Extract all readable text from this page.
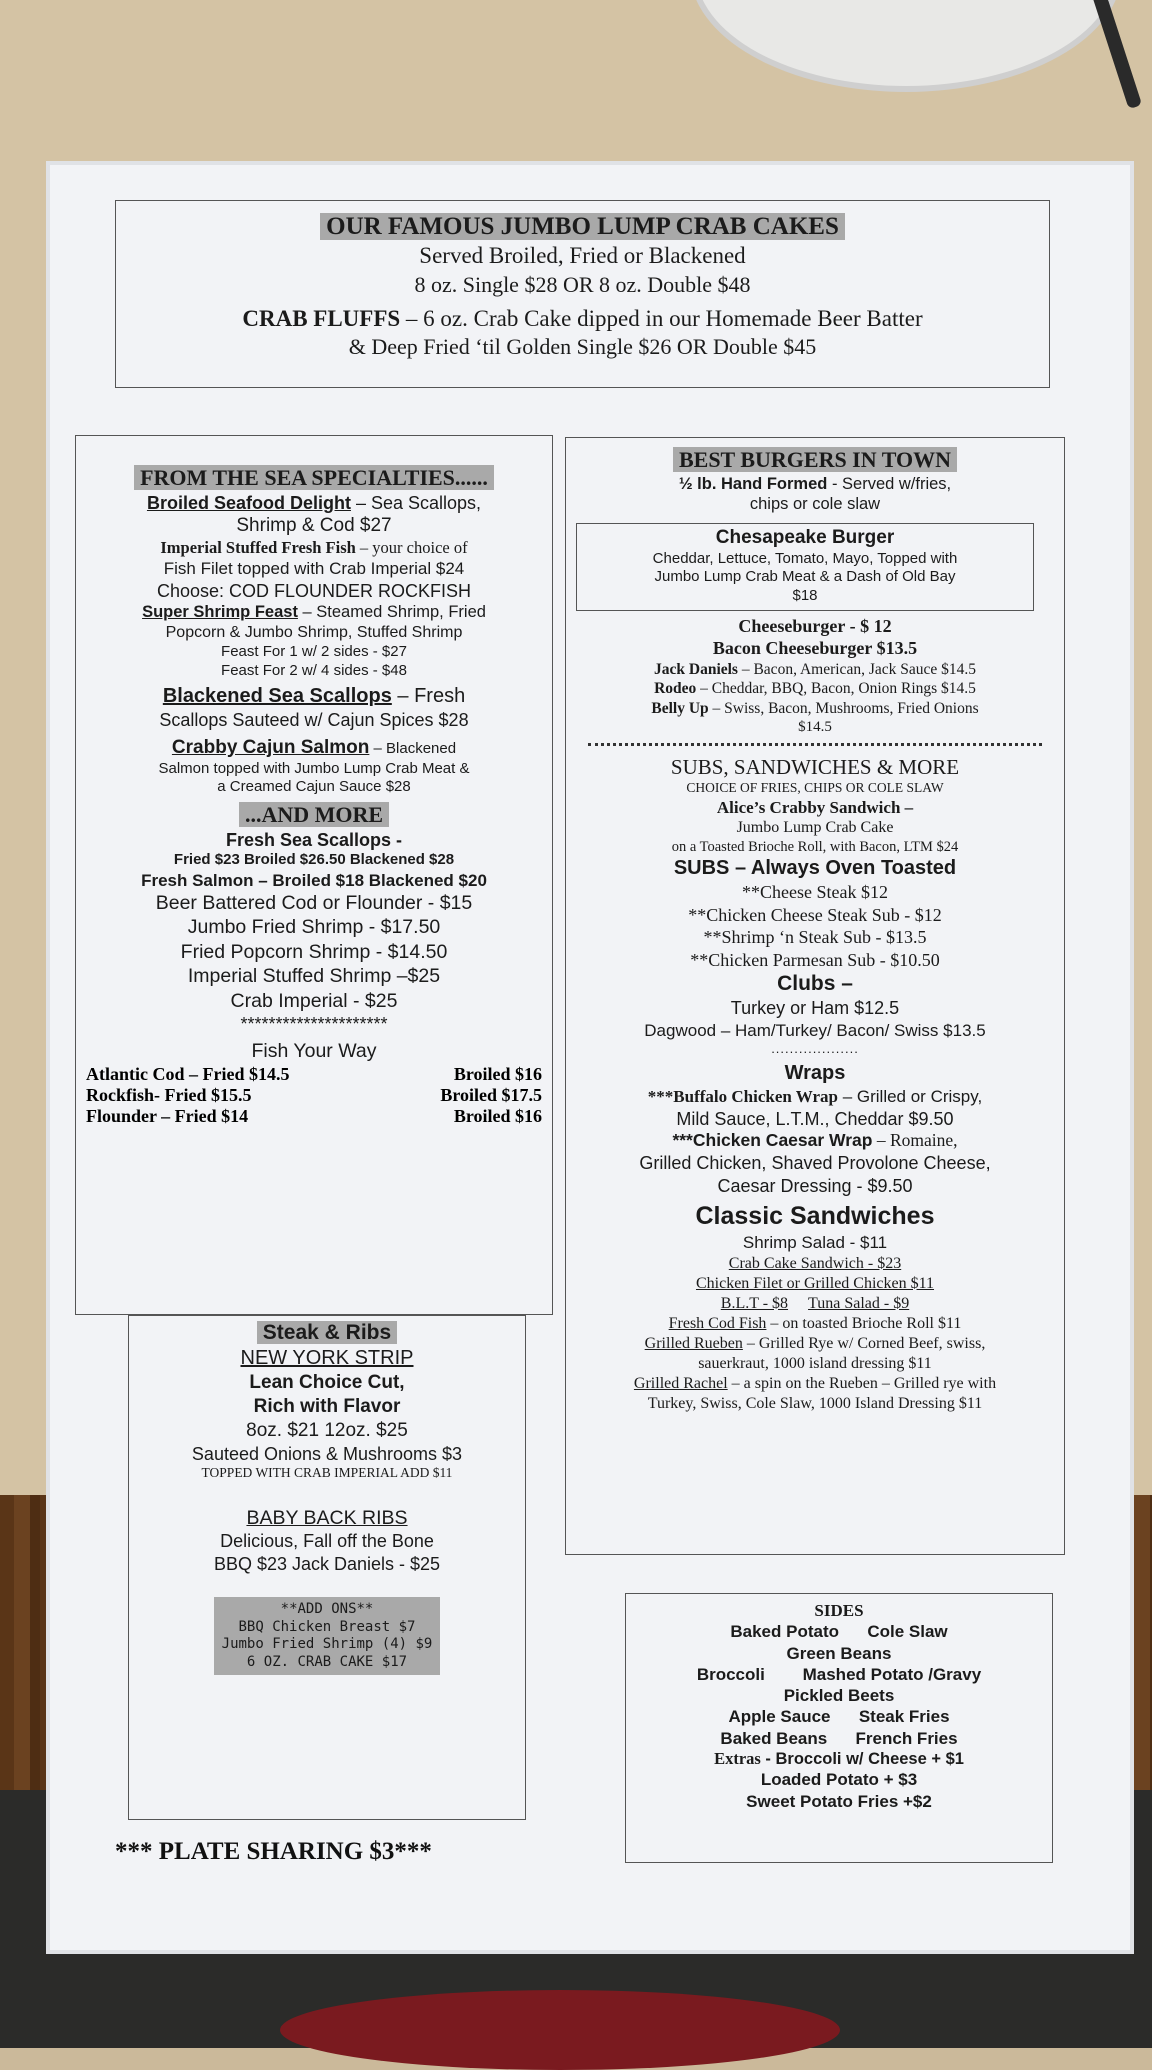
OUR FAMOUS JUMBO LUMP CRAB CAKES
Served Broiled, Fried or Blackened
8 oz. Single $28 OR 8 oz. Double $48
CRAB FLUFFS – 6 oz. Crab Cake dipped in our Homemade Beer Batter
& Deep Fried ‘til Golden Single $26 OR Double $45
FROM THE SEA SPECIALTIES......
Broiled Seafood Delight – Sea Scallops,
Shrimp & Cod $27
Imperial Stuffed Fresh Fish – your choice of
Fish Filet topped with Crab Imperial $24
Choose: COD FLOUNDER ROCKFISH
Super Shrimp Feast – Steamed Shrimp, Fried
Popcorn & Jumbo Shrimp, Stuffed Shrimp
Feast For 1 w/ 2 sides - $27
Feast For 2 w/ 4 sides - $48
Blackened Sea Scallops – Fresh
Scallops Sauteed w/ Cajun Spices $28
Crabby Cajun Salmon – Blackened
Salmon topped with Jumbo Lump Crab Meat &
a Creamed Cajun Sauce $28
...AND MORE
Fresh Sea Scallops -
Fried $23 Broiled $26.50 Blackened $28
Fresh Salmon – Broiled $18 Blackened $20
Beer Battered Cod or Flounder - $15
Jumbo Fried Shrimp - $17.50
Fried Popcorn Shrimp - $14.50
Imperial Stuffed Shrimp –$25
Crab Imperial - $25
*********************
Fish Your Way
Atlantic Cod – Fried $14.5	Broiled $16
Rockfish- Fried $15.5	Broiled $17.5
Flounder – Fried $14	Broiled $16
Steak & Ribs
NEW YORK STRIP
Lean Choice Cut,
Rich with Flavor
8oz. $21 12oz. $25
Sauteed Onions & Mushrooms $3
TOPPED WITH CRAB IMPERIAL ADD $11
BABY BACK RIBS
Delicious, Fall off the Bone
BBQ $23 Jack Daniels - $25
**ADD ONS**
BBQ Chicken Breast $7
Jumbo Fried Shrimp (4) $9
6 OZ. CRAB CAKE $17
*** PLATE SHARING $3***
BEST BURGERS IN TOWN
½ lb. Hand Formed - Served w/fries,
chips or cole slaw
Chesapeake Burger
Cheddar, Lettuce, Tomato, Mayo, Topped with
Jumbo Lump Crab Meat & a Dash of Old Bay
$18
Cheeseburger - $ 12
Bacon Cheeseburger $13.5
Jack Daniels – Bacon, American, Jack Sauce $14.5
Rodeo – Cheddar, BBQ, Bacon, Onion Rings $14.5
Belly Up – Swiss, Bacon, Mushrooms, Fried Onions
$14.5
SUBS, SANDWICHES & MORE
CHOICE OF FRIES, CHIPS OR COLE SLAW
Alice’s Crabby Sandwich –
Jumbo Lump Crab Cake
on a Toasted Brioche Roll, with Bacon, LTM $24
SUBS – Always Oven Toasted
**Cheese Steak $12
**Chicken Cheese Steak Sub - $12
**Shrimp ‘n Steak Sub - $13.5
**Chicken Parmesan Sub - $10.50
Clubs –
Turkey or Ham $12.5
Dagwood – Ham/Turkey/ Bacon/ Swiss $13.5
...................
Wraps
***Buffalo Chicken Wrap – Grilled or Crispy,
Mild Sauce, L.T.M., Cheddar $9.50
***Chicken Caesar Wrap – Romaine,
Grilled Chicken, Shaved Provolone Cheese,
Caesar Dressing - $9.50
Classic Sandwiches
Shrimp Salad - $11
Crab Cake Sandwich - $23
Chicken Filet or Grilled Chicken $11
B.L.T - $8 Tuna Salad - $9
Fresh Cod Fish – on toasted Brioche Roll $11
Grilled Rueben – Grilled Rye w/ Corned Beef, swiss,
sauerkraut, 1000 island dressing $11
Grilled Rachel – a spin on the Rueben – Grilled rye with
Turkey, Swiss, Cole Slaw, 1000 Island Dressing $11
SIDES
Baked Potato      Cole Slaw
Green Beans
Broccoli        Mashed Potato /Gravy
Pickled Beets
Apple Sauce      Steak Fries
Baked Beans      French Fries
Extras - Broccoli w/ Cheese + $1
Loaded Potato + $3
Sweet Potato Fries +$2
